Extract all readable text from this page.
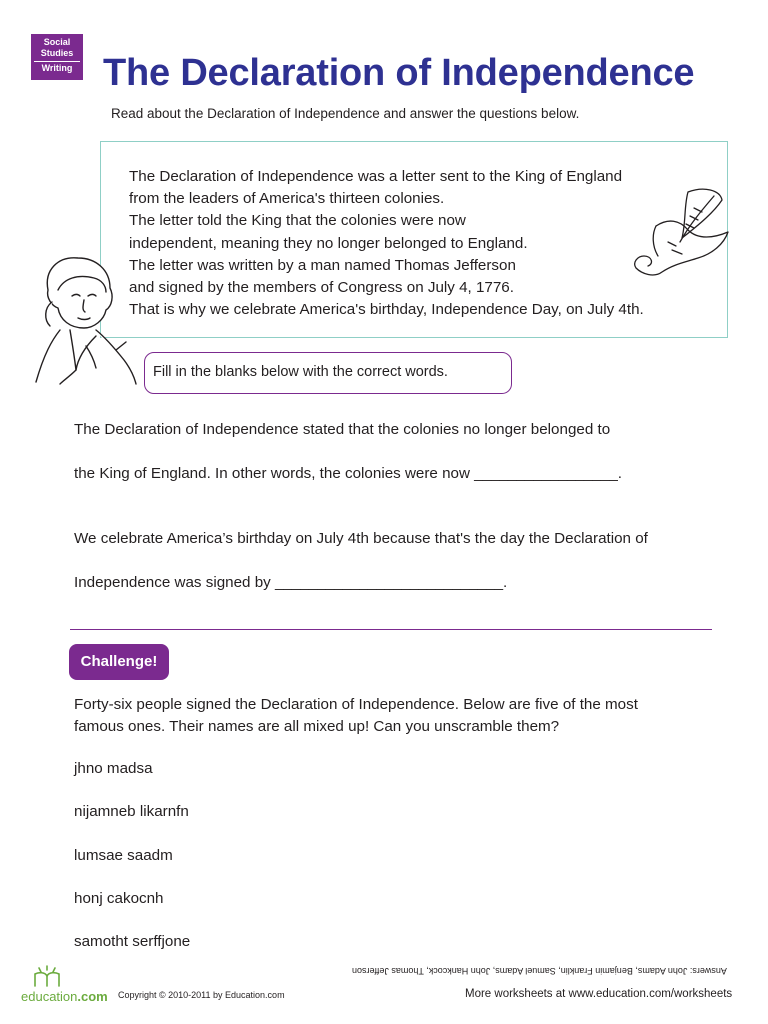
Social
Studies
Writing The Declaration of Independence
Read about the Declaration of Independence and answer the questions below.
The Declaration of Independence was a letter sent to the King of England
from the leaders of America's thirteen colonies.
The letter told the King that the colonies were now
independent, meaning they no longer belonged to England.
The letter was written by a man named Thomas Jefferson
and signed by the members of Congress on July 4, 1776.
That is why we celebrate America's birthday, Independence Day, on July 4th.
Fill in the blanks below with the correct words.
The Declaration of Independence stated that the colonies no longer belonged to
the King of England. In other words, the colonies were now _________________.
We celebrate America’s birthday on July 4th because that's the day the Declaration of
Independence was signed by ___________________________.
Challenge!
Forty-six people signed the Declaration of Independence. Below are five of the most
famous ones. Their names are all mixed up! Can you unscramble them?
jhno madsa
nijamneb likarnfn
lumsae saadm
honj cakocnh
samotht serffjone
education.com Copyright © 2010-2011 by Education.com
Answers: John Adams, Benjamin Franklin, Samuel Adams, John Hankcock, Thomas Jefferson
More worksheets at www.education.com/worksheets
